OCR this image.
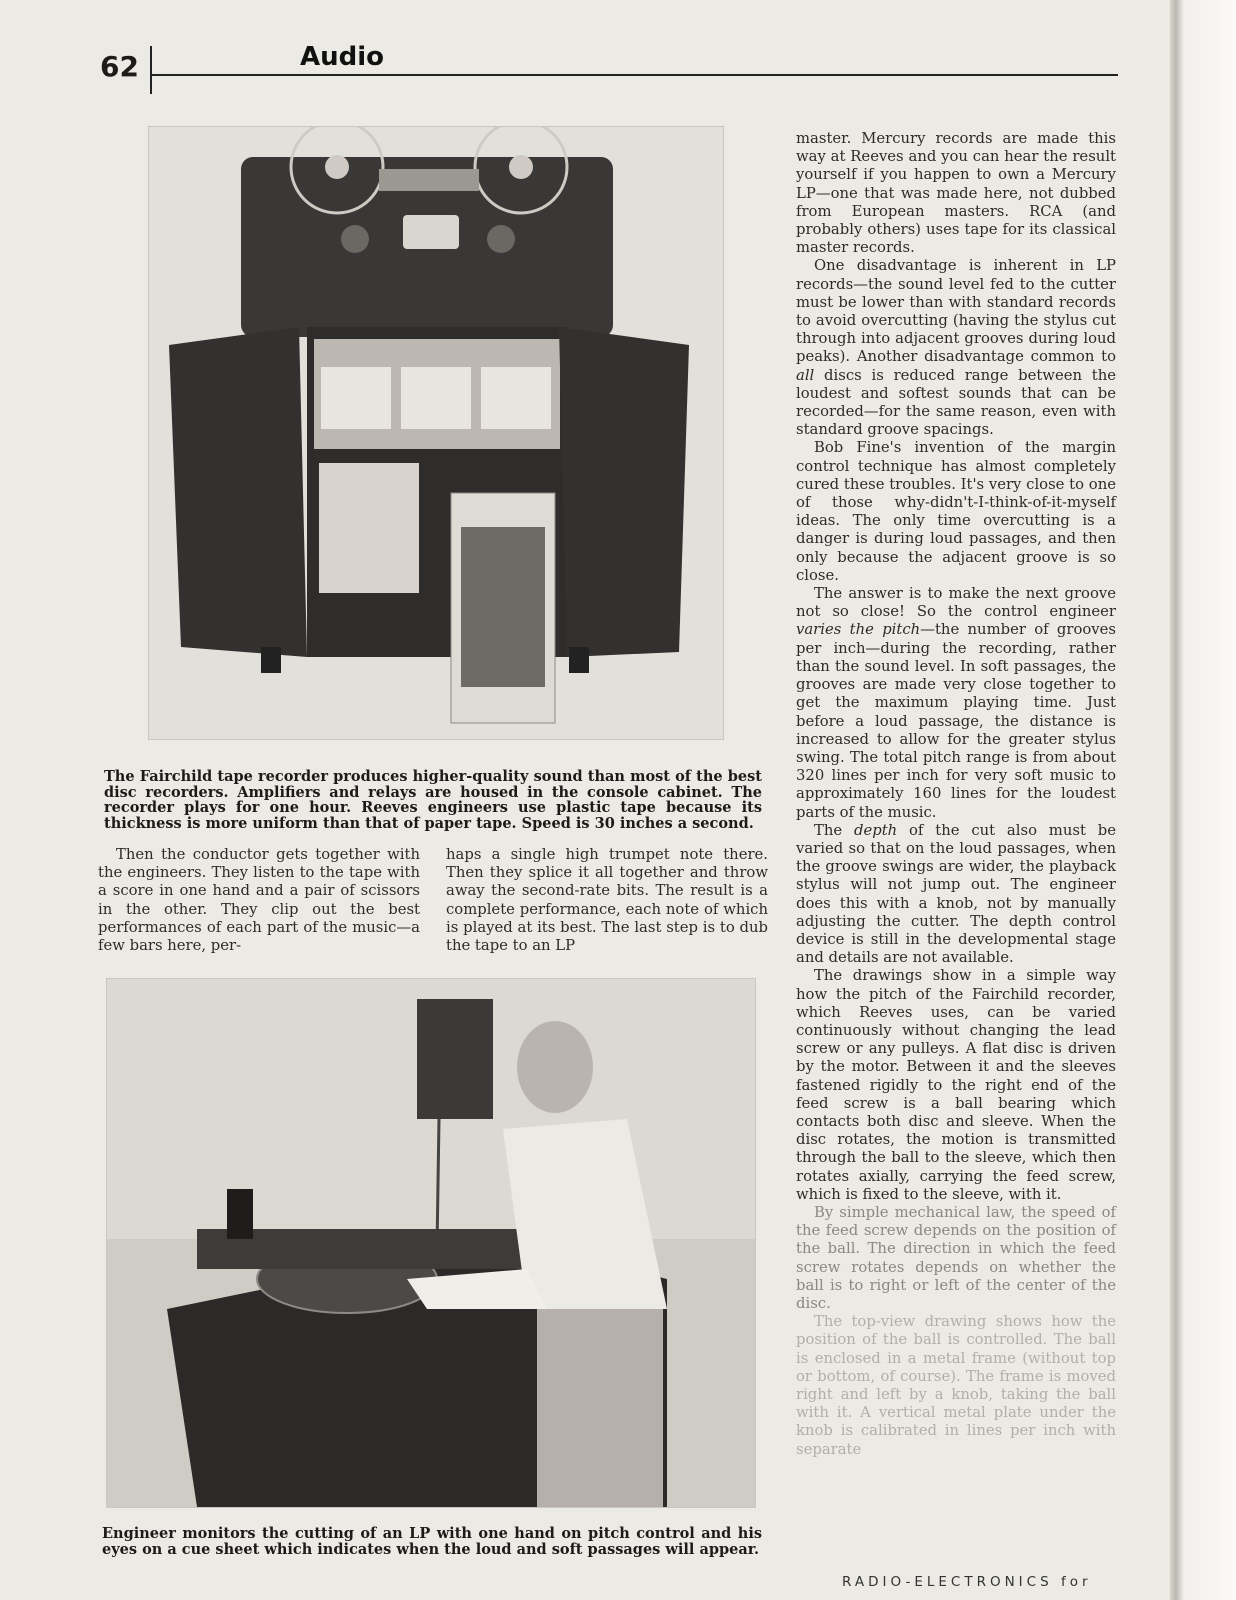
62	Audio

The Fairchild tape recorder produces higher-quality sound than most of the best disc recorders. Amplifiers and relays are housed in the console cabinet. The recorder plays for one hour. Reeves engineers use plastic tape because its thickness is more uniform than that of paper tape. Speed is 30 inches a second.

Then the conductor gets together with the engineers. They listen to the tape with a score in one hand and a pair of scissors in the other. They clip out the best performances of each part of the music—a few bars here, per-

haps a single high trumpet note there. Then they splice it all together and throw away the second-rate bits. The result is a complete performance, each note of which is played at its best. The last step is to dub the tape to an LP

Engineer monitors the cutting of an LP with one hand on pitch control and his eyes on a cue sheet which indicates when the loud and soft passages will appear.

master. Mercury records are made this way at Reeves and you can hear the result yourself if you happen to own a Mercury LP—one that was made here, not dubbed from European masters. RCA (and probably others) uses tape for its classical master records.

One disadvantage is inherent in LP records—the sound level fed to the cutter must be lower than with standard records to avoid overcutting (having the stylus cut through into adjacent grooves during loud peaks). Another disadvantage common to all discs is reduced range between the loudest and softest sounds that can be recorded—for the same reason, even with standard groove spacings.

Bob Fine's invention of the margin control technique has almost completely cured these troubles. It's very close to one of those why-didn't-I-think-of-it-myself ideas. The only time overcutting is a danger is during loud passages, and then only because the adjacent groove is so close.

The answer is to make the next groove not so close! So the control engineer varies the pitch—the number of grooves per inch—during the recording, rather than the sound level. In soft passages, the grooves are made very close together to get the maximum playing time. Just before a loud passage, the distance is increased to allow for the greater stylus swing. The total pitch range is from about 320 lines per inch for very soft music to approximately 160 lines for the loudest parts of the music.

The depth of the cut also must be varied so that on the loud passages, when the groove swings are wider, the playback stylus will not jump out. The engineer does this with a knob, not by manually adjusting the cutter. The depth control device is still in the developmental stage and details are not available.

The drawings show in a simple way how the pitch of the Fairchild recorder, which Reeves uses, can be varied continuously without changing the lead screw or any pulleys. A flat disc is driven by the motor. Between it and the sleeves fastened rigidly to the right end of the feed screw is a ball bearing which contacts both disc and sleeve. When the disc rotates, the motion is transmitted through the ball to the sleeve, which then rotates axially, carrying the feed screw, which is fixed to the sleeve, with it.

By simple mechanical law, the speed of the feed screw depends on the position of the ball. The direction in which the feed screw rotates depends on whether the ball is to right or left of the center of the disc.

The top-view drawing shows how the position of the ball is controlled. The ball is enclosed in a metal frame (without top or bottom, of course). The frame is moved right and left by a knob, taking the ball with it. A vertical metal plate under the knob is calibrated in lines per inch with separate

RADIO-ELECTRONICS for
